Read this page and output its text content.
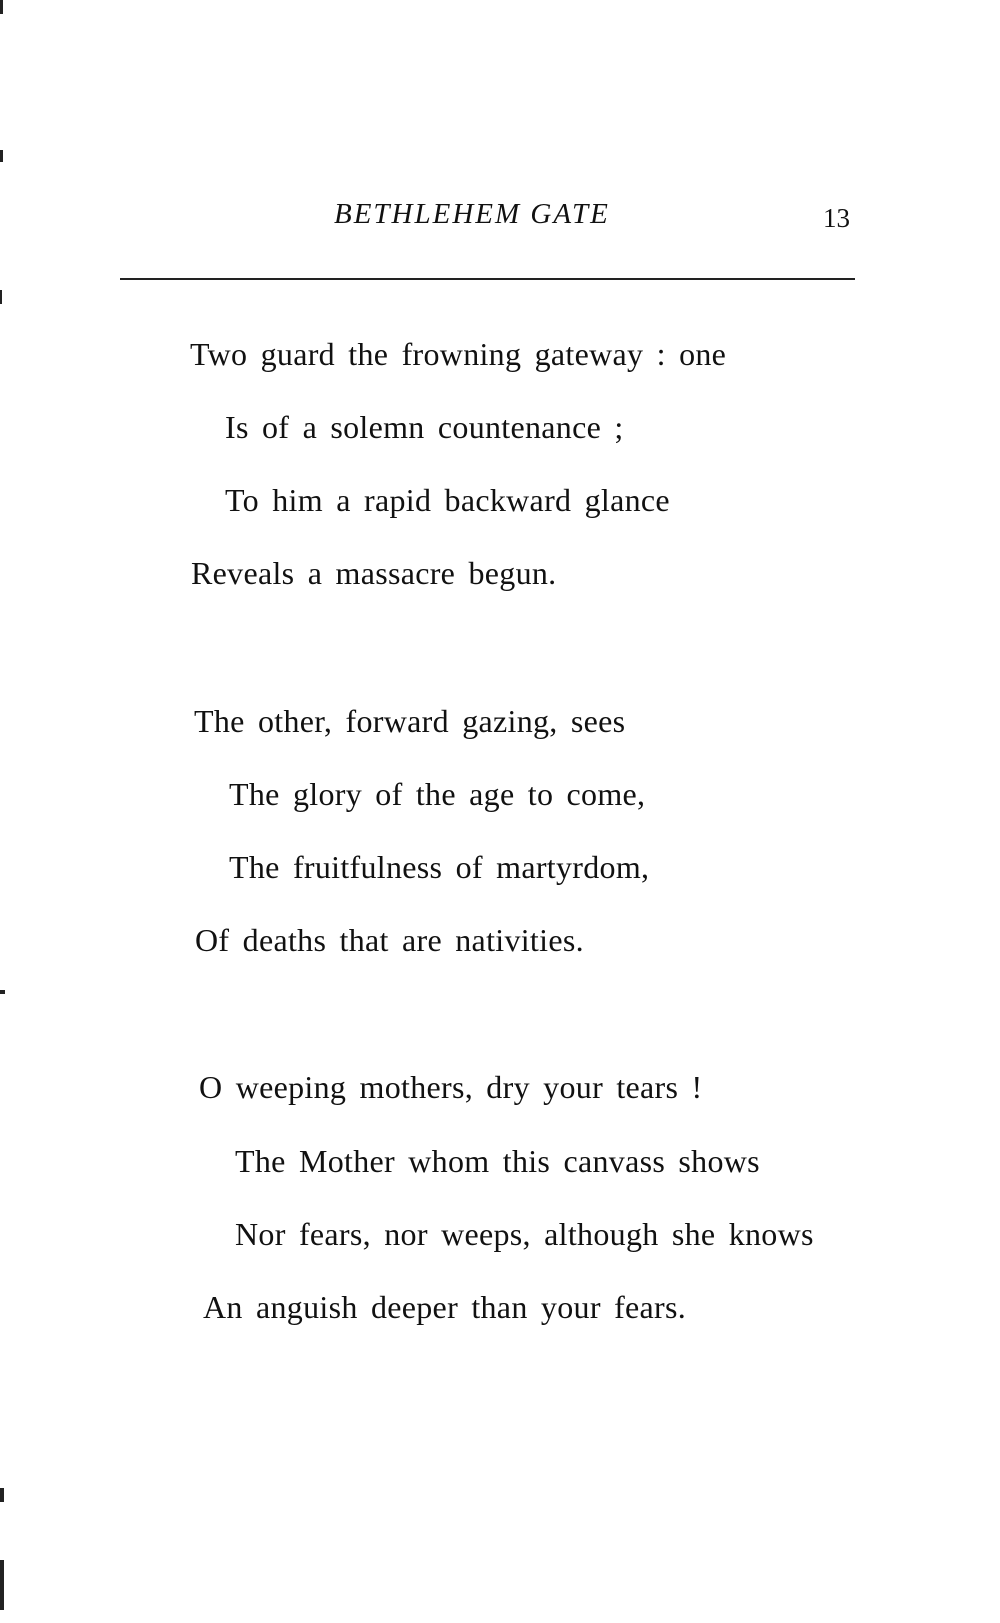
BETHLEHEM GATE	13
Two guard the frowning gateway : one
Is of a solemn countenance ;
To him a rapid backward glance
Reveals a massacre begun.
The other, forward gazing, sees
The glory of the age to come,
The fruitfulness of martyrdom,
Of deaths that are nativities.
O weeping mothers, dry your tears !
The Mother whom this canvass shows
Nor fears, nor weeps, although she knows
An anguish deeper than your fears.
